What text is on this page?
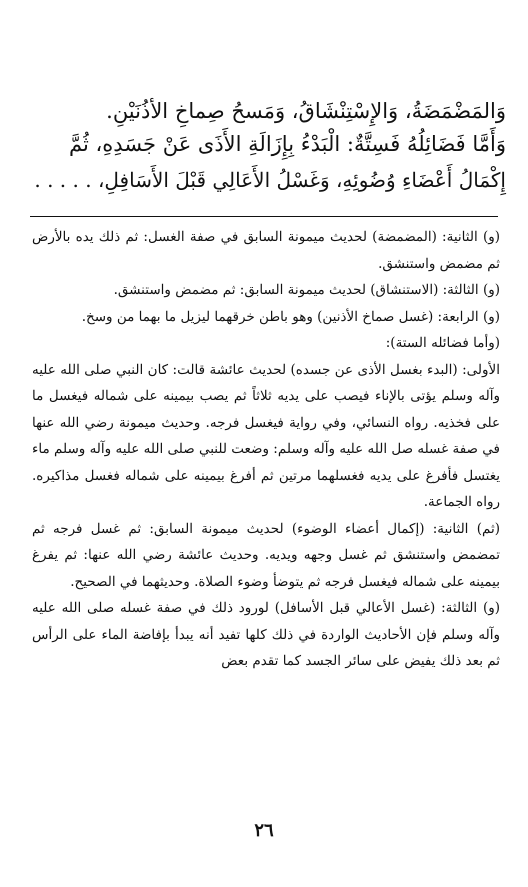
وَالمَضْمَضَةُ، وَالإِسْتِنْشَاقُ، وَمَسحُ صِماخِ الأذُنَيْنِ.
وَأَمَّا فَضَائِلُهُ فَسِتَّةٌ: الْبَدْءُ بِإِزَالَةِ الأَذَى عَنْ جَسَدِهِ، ثُمَّ
إِكْمَالُ أَعْضَاءِ وُضُوئِهِ، وَغَسْلُ الأَعَالِي قَبْلَ الأَسَافِلِ، . . . . .

(و) الثانية: (المضمضة) لحديث ميمونة السابق في صفة الغسل: ثم ذلك يده بالأرض ثم مضمض واستنشق.

(و) الثالثة: (الاستنشاق) لحديث ميمونة السابق: ثم مضمض واستنشق.

(و) الرابعة: (غسل صماخ الأذنين) وهو باطن خرقهما ليزيل ما بهما من وسخ.

(وأما فضائله الستة):

الأولى: (البدء بغسل الأذى عن جسده) لحديث عائشة قالت: كان النبي صلى الله عليه وآله وسلم يؤتى بالإناء فيصب على يديه ثلاثاً ثم يصب بيمينه على شماله فيغسل ما على فخذيه. رواه النسائي، وفي رواية فيغسل فرجه. وحديث ميمونة رضي الله عنها في صفة غسله صل الله عليه وآله وسلم: وضعت للنبي صلى الله عليه وآله وسلم ماء يغتسل فأفرغ على يديه فغسلهما مرتين ثم أفرغ بيمينه على شماله فغسل مذاكيره. رواه الجماعة.

(ثم) الثانية: (إكمال أعضاء الوضوء) لحديث ميمونة السابق: ثم غسل فرجه ثم تمضمض واستنشق ثم غسل وجهه ويديه. وحديث عائشة رضي الله عنها: ثم يفرغ بيمينه على شماله فيغسل فرجه ثم يتوضأ وضوء الصلاة. وحديثهما في الصحيح.

(و) الثالثة: (غسل الأعالي قبل الأسافل) لورود ذلك في صفة غسله صلى الله عليه وآله وسلم فإن الأحاديث الواردة في ذلك كلها تفيد أنه يبدأ بإفاضة الماء على الرأس ثم بعد ذلك يفيض على سائر الجسد كما تقدم بعض

٢٦
